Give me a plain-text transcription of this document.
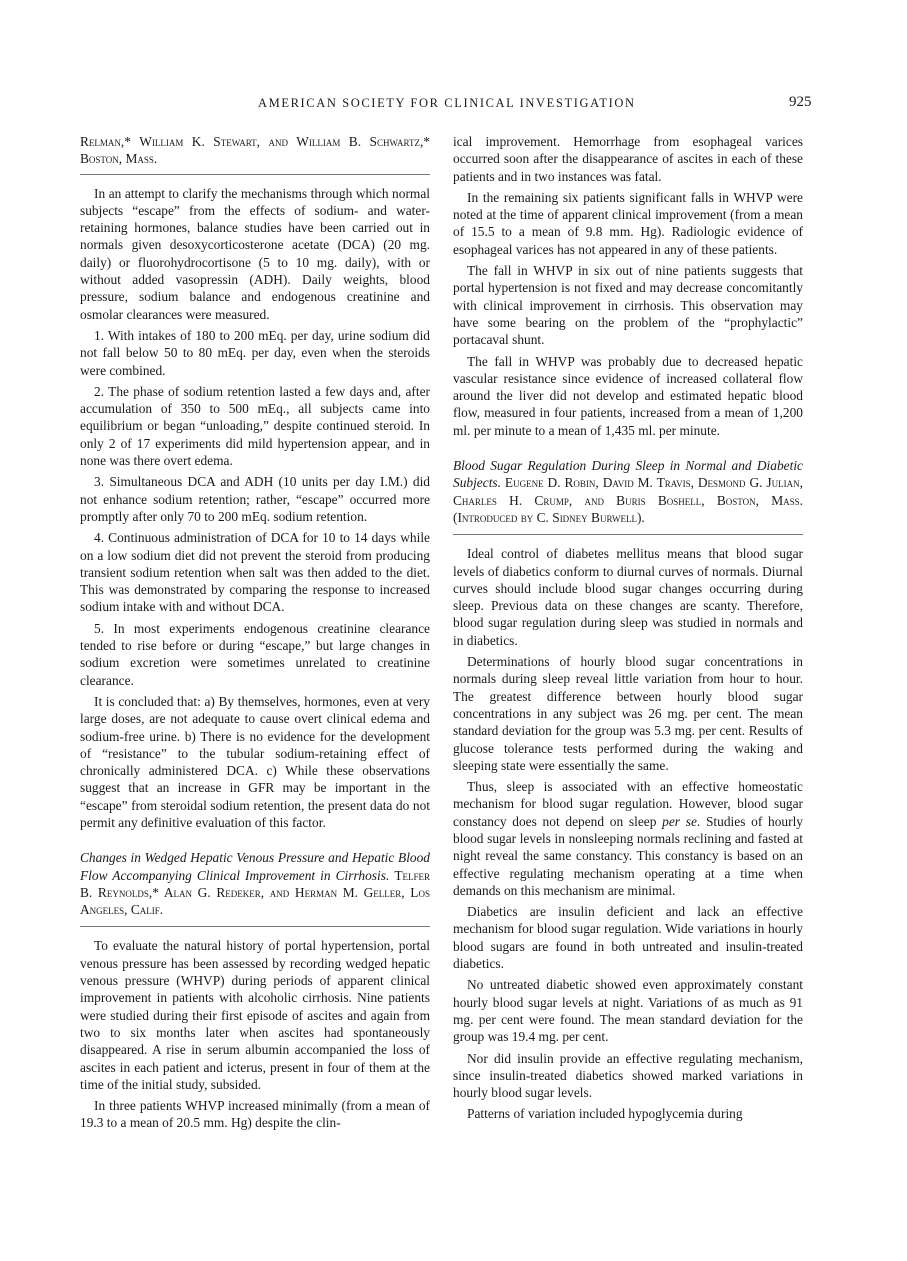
AMERICAN SOCIETY FOR CLINICAL INVESTIGATION	925

Relman,* William K. Stewart, and William B. Schwartz,* Boston, Mass.

In an attempt to clarify the mechanisms through which normal subjects “escape” from the effects of sodium- and water-retaining hormones, balance studies have been carried out in normals given desoxycorticosterone acetate (DCA) (20 mg. daily) or fluorohydrocortisone (5 to 10 mg. daily), with or without added vasopressin (ADH). Daily weights, blood pressure, sodium balance and endogenous creatinine and osmolar clearances were measured.

1. With intakes of 180 to 200 mEq. per day, urine sodium did not fall below 50 to 80 mEq. per day, even when the steroids were combined.

2. The phase of sodium retention lasted a few days and, after accumulation of 350 to 500 mEq., all subjects came into equilibrium or began “unloading,” despite continued steroid. In only 2 of 17 experiments did mild hypertension appear, and in none was there overt edema.

3. Simultaneous DCA and ADH (10 units per day I.M.) did not enhance sodium retention; rather, “escape” occurred more promptly after only 70 to 200 mEq. sodium retention.

4. Continuous administration of DCA for 10 to 14 days while on a low sodium diet did not prevent the steroid from producing transient sodium retention when salt was then added to the diet. This was demonstrated by comparing the response to increased sodium intake with and without DCA.

5. In most experiments endogenous creatinine clearance tended to rise before or during “escape,” but large changes in sodium excretion were sometimes unrelated to creatinine clearance.

It is concluded that: a) By themselves, hormones, even at very large doses, are not adequate to cause overt clinical edema and sodium-free urine. b) There is no evidence for the development of “resistance” to the tubular sodium-retaining effect of chronically administered DCA. c) While these observations suggest that an increase in GFR may be important in the “escape” from steroidal sodium retention, the present data do not permit any definitive evaluation of this factor.

Changes in Wedged Hepatic Venous Pressure and Hepatic Blood Flow Accompanying Clinical Improvement in Cirrhosis. Telfer B. Reynolds,* Alan G. Redeker, and Herman M. Geller, Los Angeles, Calif.

To evaluate the natural history of portal hypertension, portal venous pressure has been assessed by recording wedged hepatic venous pressure (WHVP) during periods of apparent clinical improvement in patients with alcoholic cirrhosis. Nine patients were studied during their first episode of ascites and again from two to six months later when ascites had spontaneously disappeared. A rise in serum albumin accompanied the loss of ascites in each patient and icterus, present in four of them at the time of the initial study, subsided.

In three patients WHVP increased minimally (from a mean of 19.3 to a mean of 20.5 mm. Hg) despite the clin-

ical improvement. Hemorrhage from esophageal varices occurred soon after the disappearance of ascites in each of these patients and in two instances was fatal.

In the remaining six patients significant falls in WHVP were noted at the time of apparent clinical improvement (from a mean of 15.5 to a mean of 9.8 mm. Hg). Radiologic evidence of esophageal varices has not appeared in any of these patients.

The fall in WHVP in six out of nine patients suggests that portal hypertension is not fixed and may decrease concomitantly with clinical improvement in cirrhosis. This observation may have some bearing on the problem of the “prophylactic” portacaval shunt.

The fall in WHVP was probably due to decreased hepatic vascular resistance since evidence of increased collateral flow around the liver did not develop and estimated hepatic blood flow, measured in four patients, increased from a mean of 1,200 ml. per minute to a mean of 1,435 ml. per minute.

Blood Sugar Regulation During Sleep in Normal and Diabetic Subjects. Eugene D. Robin, David M. Travis, Desmond G. Julian, Charles H. Crump, and Buris Boshell, Boston, Mass. (Introduced by C. Sidney Burwell).

Ideal control of diabetes mellitus means that blood sugar levels of diabetics conform to diurnal curves of normals. Diurnal curves should include blood sugar changes occurring during sleep. Previous data on these changes are scanty. Therefore, blood sugar regulation during sleep was studied in normals and in diabetics.

Determinations of hourly blood sugar concentrations in normals during sleep reveal little variation from hour to hour. The greatest difference between hourly blood sugar concentrations in any subject was 26 mg. per cent. The mean standard deviation for the group was 5.3 mg. per cent. Results of glucose tolerance tests performed during the waking and sleeping state were essentially the same.

Thus, sleep is associated with an effective homeostatic mechanism for blood sugar regulation. However, blood sugar constancy does not depend on sleep per se. Studies of hourly blood sugar levels in nonsleeping normals reclining and fasted at night reveal the same constancy. This constancy is based on an effective regulating mechanism operating at a time when demands on this mechanism are minimal.

Diabetics are insulin deficient and lack an effective mechanism for blood sugar regulation. Wide variations in hourly blood sugars are found in both untreated and insulin-treated diabetics.

No untreated diabetic showed even approximately constant hourly blood sugar levels at night. Variations of as much as 91 mg. per cent were found. The mean standard deviation for the group was 19.4 mg. per cent.

Nor did insulin provide an effective regulating mechanism, since insulin-treated diabetics showed marked variations in hourly blood sugar levels.

Patterns of variation included hypoglycemia during
